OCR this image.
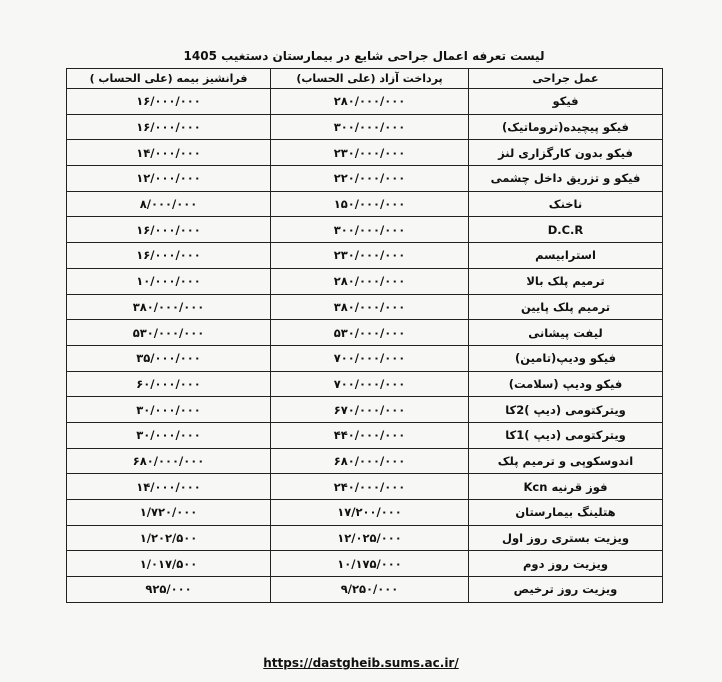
لیست تعرفه اعمال جراحی شایع در بیمارستان دستغیب 1405
عمل جراحی	پرداخت آزاد (علی الحساب)	فرانشیز بیمه (علی الحساب )
فیکو	۲۸۰/۰۰۰/۰۰۰	۱۶/۰۰۰/۰۰۰
فیکو پیچیده(تروماتیک)	۳۰۰/۰۰۰/۰۰۰	۱۶/۰۰۰/۰۰۰
فیکو بدون کارگزاری لنز	۲۳۰/۰۰۰/۰۰۰	۱۴/۰۰۰/۰۰۰
فیکو و تزریق داخل چشمی	۲۲۰/۰۰۰/۰۰۰	۱۲/۰۰۰/۰۰۰
ناخنک	۱۵۰/۰۰۰/۰۰۰	۸/۰۰۰/۰۰۰
D.C.R	۳۰۰/۰۰۰/۰۰۰	۱۶/۰۰۰/۰۰۰
استرابیسم	۲۳۰/۰۰۰/۰۰۰	۱۶/۰۰۰/۰۰۰
ترمیم پلک بالا	۲۸۰/۰۰۰/۰۰۰	۱۰/۰۰۰/۰۰۰
ترمیم پلک پایین	۳۸۰/۰۰۰/۰۰۰	۳۸۰/۰۰۰/۰۰۰
لیفت پیشانی	۵۳۰/۰۰۰/۰۰۰	۵۳۰/۰۰۰/۰۰۰
فیکو ودیپ(تامین)	۷۰۰/۰۰۰/۰۰۰	۳۵/۰۰۰/۰۰۰
فیکو ودیپ (سلامت)	۷۰۰/۰۰۰/۰۰۰	۶۰/۰۰۰/۰۰۰
ویترکتومی (دیپ )2کا	۶۷۰/۰۰۰/۰۰۰	۳۰/۰۰۰/۰۰۰
ویترکتومی (دیپ )1کا	۴۴۰/۰۰۰/۰۰۰	۳۰/۰۰۰/۰۰۰
اندوسکوپی و ترمیم پلک	۶۸۰/۰۰۰/۰۰۰	۶۸۰/۰۰۰/۰۰۰
فوز قرنیه Kcn	۲۴۰/۰۰۰/۰۰۰	۱۴/۰۰۰/۰۰۰
هتلینگ بیمارستان	۱۷/۲۰۰/۰۰۰	۱/۷۲۰/۰۰۰
ویزیت بستری روز اول	۱۲/۰۲۵/۰۰۰	۱/۲۰۲/۵۰۰
ویزیت روز دوم	۱۰/۱۷۵/۰۰۰	۱/۰۱۷/۵۰۰
ویزیت روز ترخیص	۹/۲۵۰/۰۰۰	۹۲۵/۰۰۰
https://dastgheib.sums.ac.ir/
